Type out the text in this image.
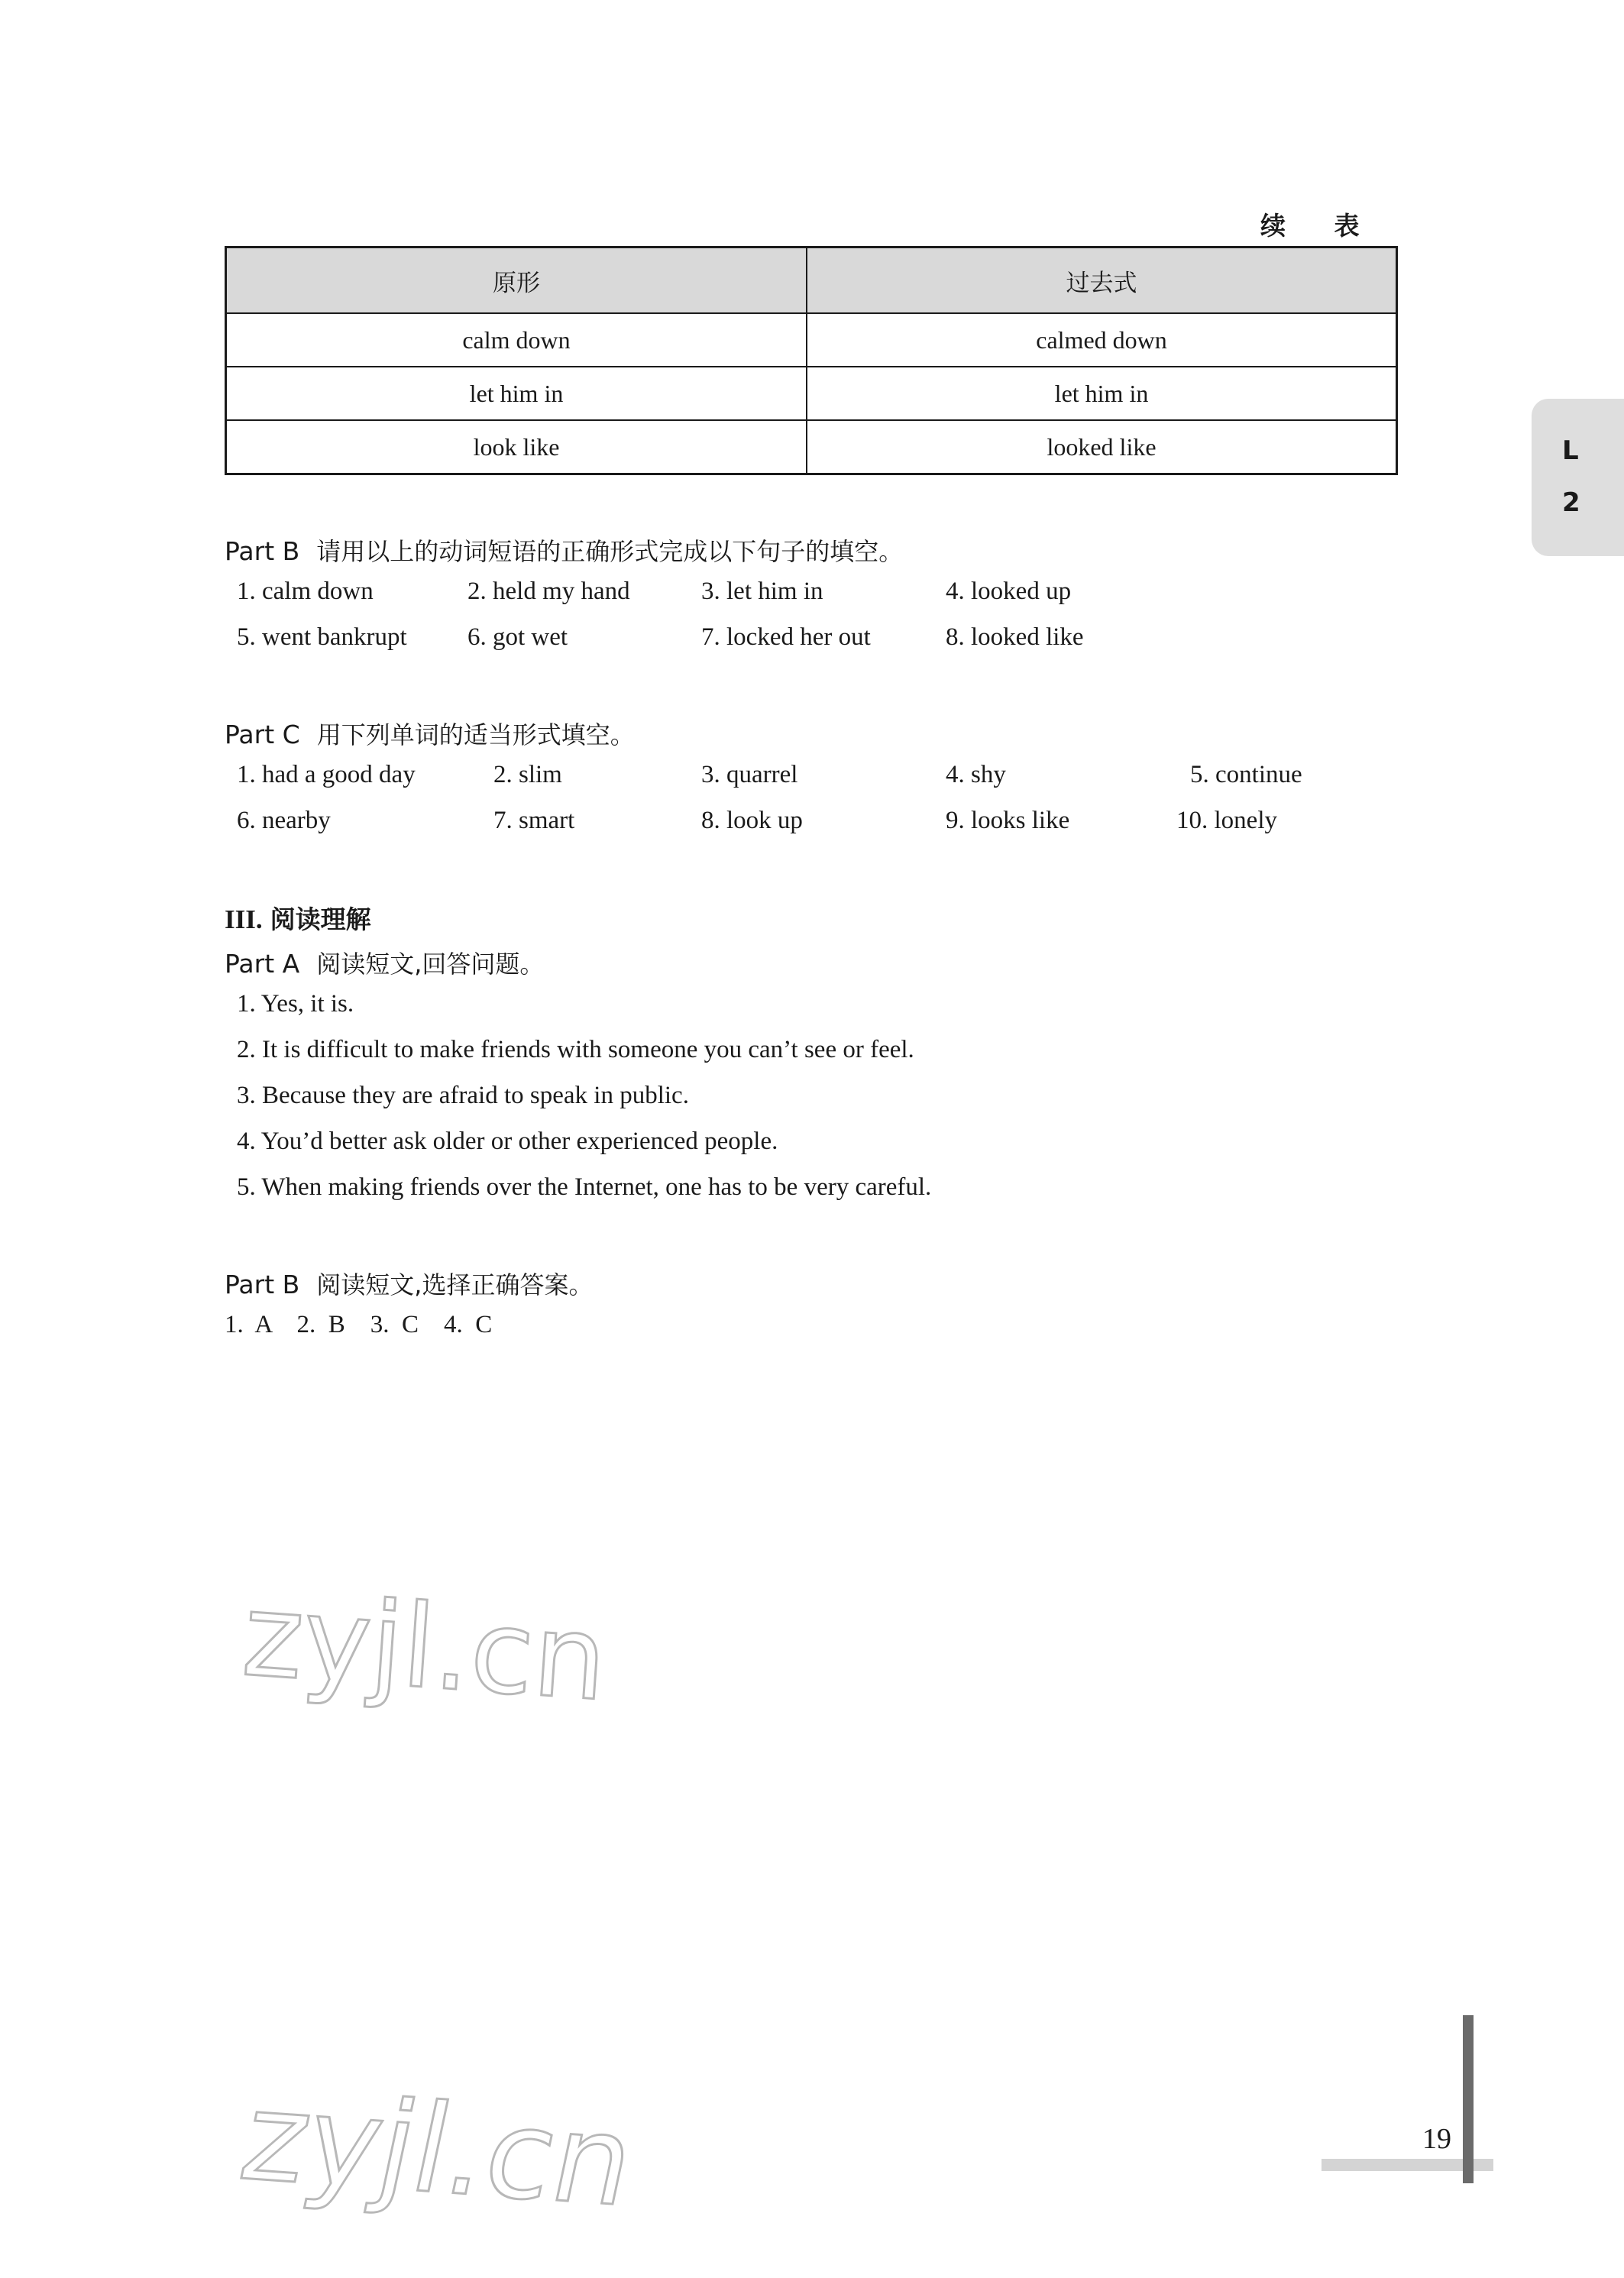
续 表
原形	过去式
calm down	calmed down
let him in	let him in
look like	looked like	L
2
Part B 请用以上的动词短语的正确形式完成以下句子的填空。
1. calm down	2. held my hand	3. let him in	4. looked up
5. went bankrupt 6. got wet	7. locked her out	8. looked like
Part C 用下列单词的适当形式填空。
1. had a good day	2. slim	3. quarrel	4. shy	5. continue
6. nearby	7. smart	8. look up	9. looks like	10. lonely
III. 阅读理解
Part A 阅读短文,回答问题。
1. Yes, it is.
2. It is difficult to make friends with someone you can’t see or feel.
3. Because they are afraid to speak in public.
4. You’d better ask older or other experienced people.
5. When making friends over the Internet, one has to be very careful.
Part B 阅读短文,选择正确答案。
1.  A    2.  B    3.  C    4.  C
zyjl.cn
zyjl.cn	19
